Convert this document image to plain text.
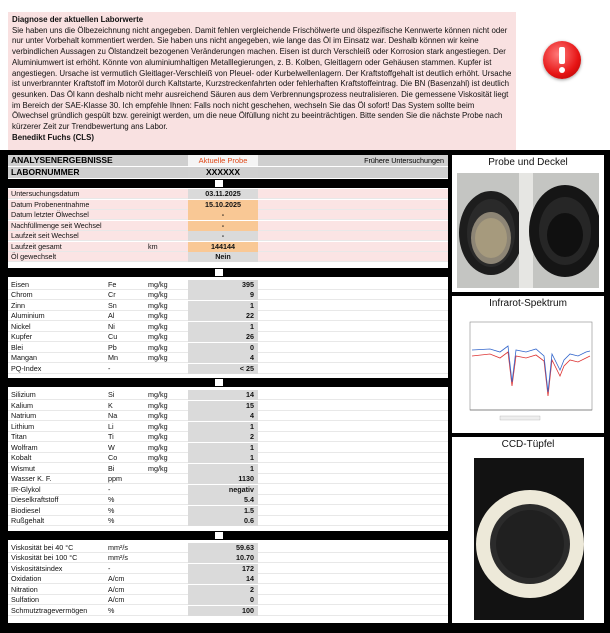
Diagnose der aktuellen Laborwerte
Sie haben uns die Ölbezeichnung nicht angegeben. Damit fehlen vergleichende Frischölwerte und ölspezifische Kennwerte können nicht oder nur unter Vorbehalt kommentiert werden. Sie haben uns nicht angegeben, wie lange das Öl im Einsatz war. Deshalb können wir keine verbindlichen Aussagen zu Ölstandzeit bezogenen Veränderungen machen. Eisen ist durch Verschleiß oder Korrosion stark angestiegen. Der Aluminiumwert ist erhöht. Könnte von aluminiumhaltigen Metalllegierungen, z. B. Kolben, Gleitlagern oder Gehäusen stammen. Kupfer ist angestiegen. Ursache ist vermutlich Gleitlager-Verschleiß von Pleuel- oder Kurbelwellenlagern. Der Kraftstoffgehalt ist deutlich erhöht. Ursache ist unverbrannter Kraftstoff im Motoröl durch Kaltstarte, Kurzstreckenfahrten oder fehlerhaften Kraftstoffeintrag. Die BN (Basenzahl) ist deutlich gesunken. Das Öl kann deshalb nicht mehr ausreichend Säuren aus dem Verbrennungsprozess neutralisieren. Die gemessene Viskosität liegt im Bereich der SAE-Klasse 30. Ich empfehle Ihnen: Falls noch nicht geschehen, wechseln Sie das Öl sofort! Das System sollte beim Ölwechsel gründlich gespült bzw. gereinigt werden, um die neue Ölfüllung nicht zu beeinträchtigen. Bitte senden Sie die nächste Probe nach kürzerer Zeit zur Trendbewertung ans Labor.
Benedikt Fuchs (CLS)
ANALYSENERGEBNISSE	Aktuelle Probe	Frühere Untersuchungen
LABORNUMMER	XXXXXX
Untersuchungsdatum	03.11.2025
Datum Probenentnahme	15.10.2025
Datum letzter Ölwechsel	-
Nachfüllmenge seit Wechsel	-
Laufzeit seit Wechsel	-
Laufzeit gesamt	km	144144
Öl gewechselt	Nein
Eisen	Fe	mg/kg	395
Chrom	Cr	mg/kg	9
Zinn	Sn	mg/kg	1
Aluminium	Al	mg/kg	22
Nickel	Ni	mg/kg	1
Kupfer	Cu	mg/kg	26
Blei	Pb	mg/kg	0
Mangan	Mn	mg/kg	4
PQ-Index	-	< 25
Silizium	Si	mg/kg	14
Kalium	K	mg/kg	15
Natrium	Na	mg/kg	4
Lithium	Li	mg/kg	1
Titan	Ti	mg/kg	2
Wolfram	W	mg/kg	1
Kobalt	Co	mg/kg	1
Wismut	Bi	mg/kg	1
Wasser K. F.	ppm	1130
IR-Glykol	-	negativ
Dieselkraftstoff	%	5.4
Biodiesel	%	1.5
Rußgehalt	%	0.6
Viskosität bei 40 °C	mm²/s	59.63
Viskosität bei 100 °C	mm²/s	10.70
Viskositätsindex	-	172
Oxidation	A/cm	14
Nitration	A/cm	2
Sulfation	A/cm	0
Schmutztragevermögen	%	100
Probe und Deckel
Infrarot-Spektrum
CCD-Tüpfel
